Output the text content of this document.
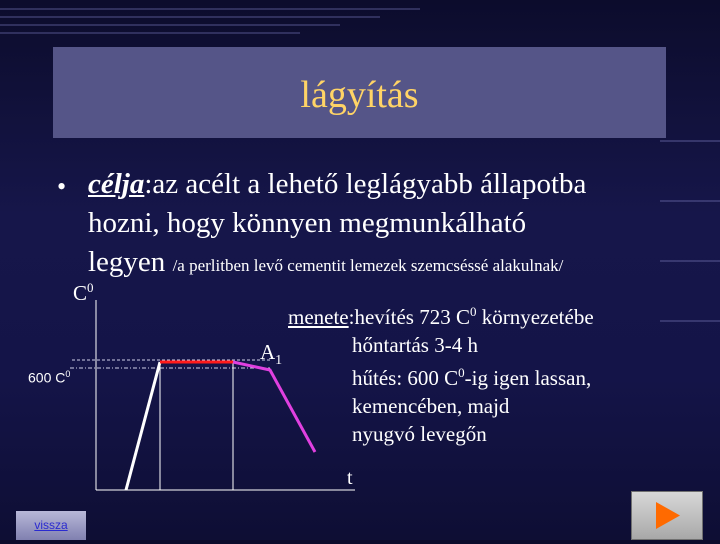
lágyítás
• célja:az acélt a lehető leglágyabb állapotba
hozni, hogy könnyen megmunkálható
legyen /a perlitben levő cementit lemezek szemcséssé alakulnak/
$C^0$
t
600 $C^0$
$A_1$
menete:hevítés 723 $C^0$ környezetébe
hőntartás 3-4 h
hűtés: 600 $C^0-ig$ igen lassan,
kemencében, majd
nyugvó levegőn
vissza
